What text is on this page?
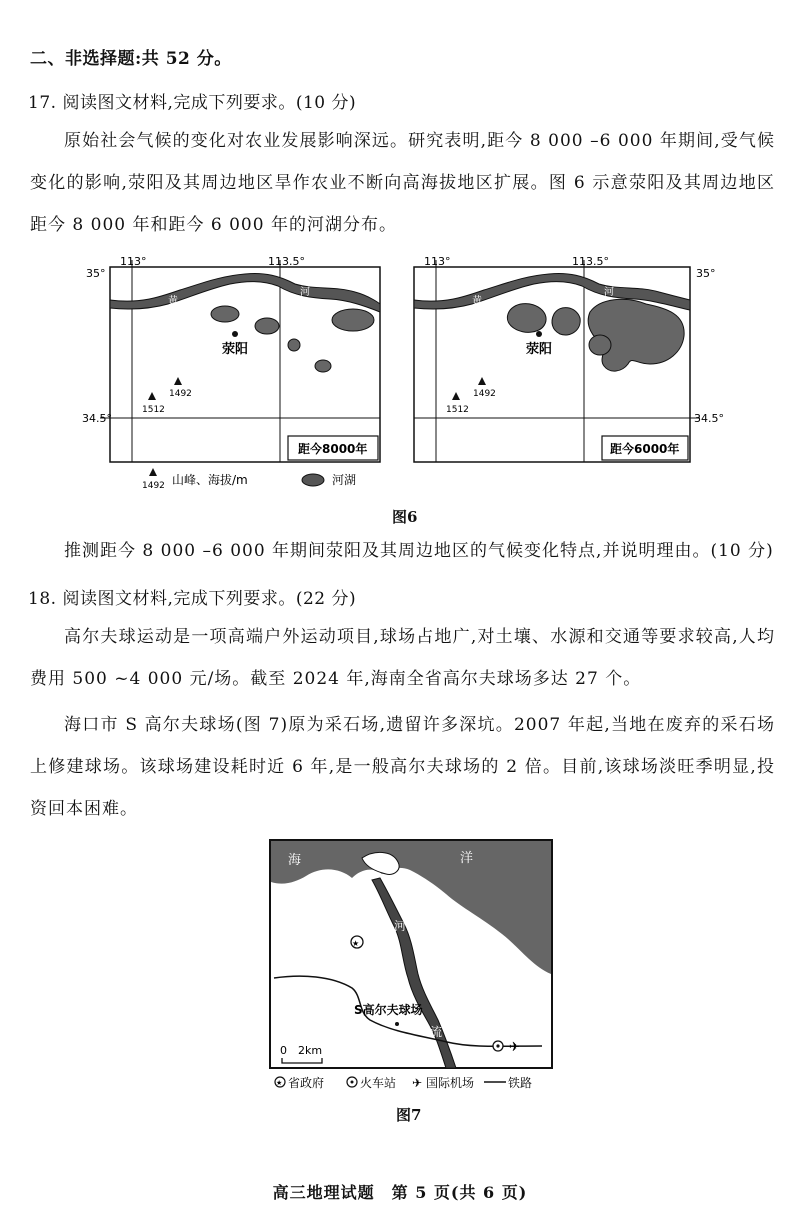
二、非选择题:共 52 分。
17. 阅读图文材料,完成下列要求。(10 分)
原始社会气候的变化对农业发展影响深远。研究表明,距今 8 000 –6 000 年期间,受气候变化的影响,荥阳及其周边地区旱作农业不断向高海拔地区扩展。图 6 示意荥阳及其周边地区距今 8 000 年和距今 6 000 年的河湖分布。
113°	113.5°
35°
34.5°
黄
河
荥阳
1492
1512
距今8000年
113°	113.5°
35°
34.5°
黄
河
荥阳
1492
1512
距今6000年
1492 山峰、海拔/m	河湖
图6
推测距今 8 000 –6 000 年期间荥阳及其周边地区的气候变化特点,并说明理由。(10 分)
18. 阅读图文材料,完成下列要求。(22 分)
高尔夫球运动是一项高端户外运动项目,球场占地广,对土壤、水源和交通等要求较高,人均费用 500 ~4 000 元/场。截至 2024 年,海南全省高尔夫球场多达 27 个。
海口市 S 高尔夫球场(图 7)原为采石场,遗留许多深坑。2007 年起,当地在废弃的采石场上修建球场。该球场建设耗时近 6 年,是一般高尔夫球场的 2 倍。目前,该球场淡旺季明显,投资回本困难。
海	洋
河
流
★
S高尔夫球场
✈
0 2km
★ 省政府	火车站 ✈ 国际机场	铁路
图7
高三地理试题　第 5 页(共 6 页)
